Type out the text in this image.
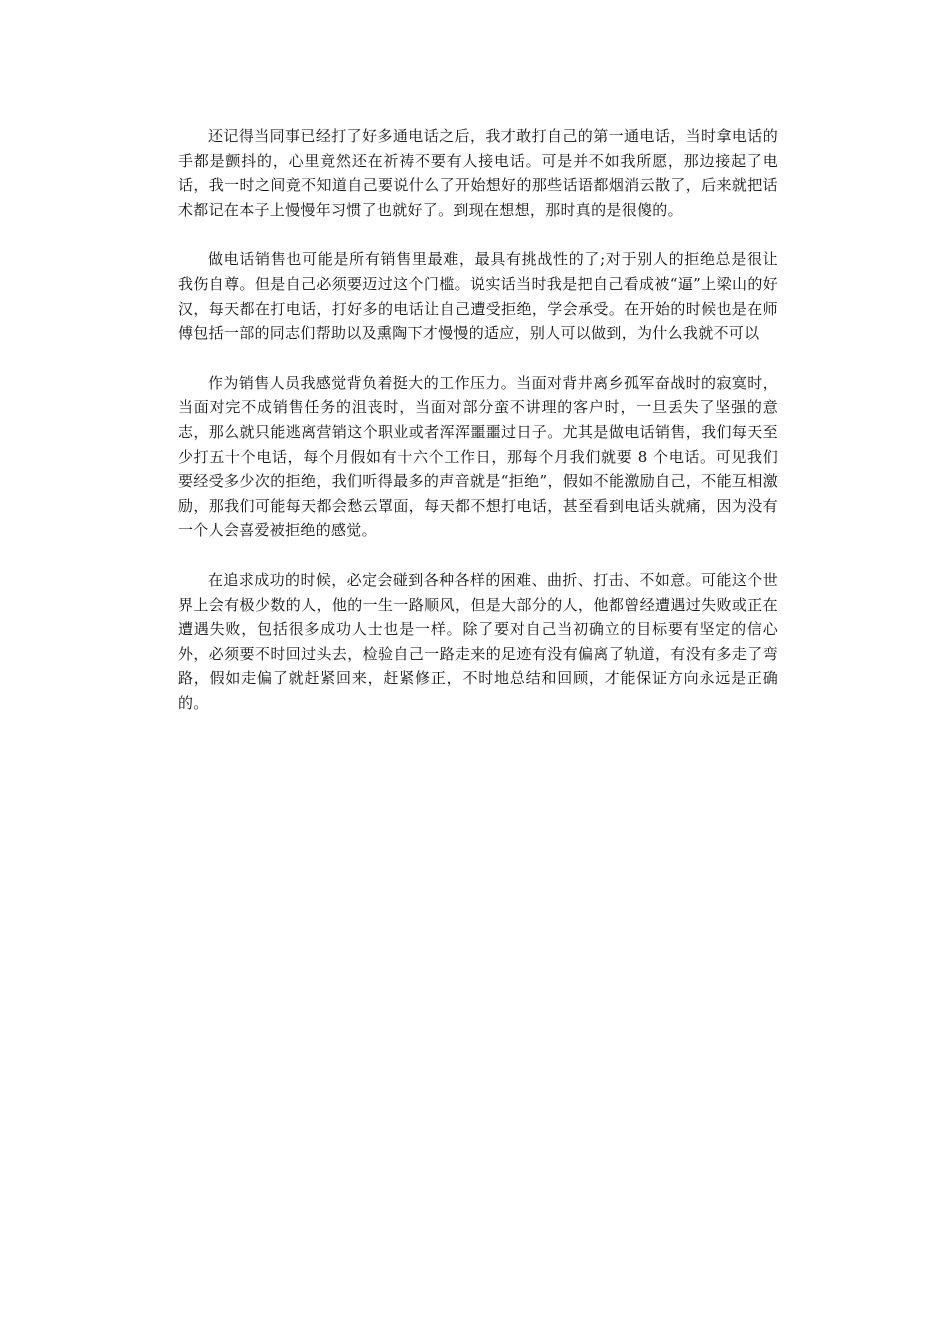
还记得当同事已经打了好多通电话之后，我才敢打自己的第一通电话，当时拿电话的手都是颤抖的，心里竟然还在祈祷不要有人接电话。可是并不如我所愿，那边接起了电话，我一时之间竟不知道自己要说什么了开始想好的那些话语都烟消云散了，后来就把话术都记在本子上慢慢年习惯了也就好了。到现在想想，那时真的是很傻的。

做电话销售也可能是所有销售里最难，最具有挑战性的了;对于别人的拒绝总是很让我伤自尊。但是自己必须要迈过这个门槛。说实话当时我是把自己看成被“逼”上梁山的好汉，每天都在打电话，打好多的电话让自己遭受拒绝，学会承受。在开始的时候也是在师傅包括一部的同志们帮助以及熏陶下才慢慢的适应，别人可以做到，为什么我就不可以

作为销售人员我感觉背负着挺大的工作压力。当面对背井离乡孤军奋战时的寂寞时，当面对完不成销售任务的沮丧时，当面对部分蛮不讲理的客户时，一旦丢失了坚强的意志，那么就只能逃离营销这个职业或者浑浑噩噩过日子。尤其是做电话销售，我们每天至少打五十个电话，每个月假如有十六个工作日，那每个月我们就要 8 个电话。可见我们要经受多少次的拒绝，我们听得最多的声音就是“拒绝”，假如不能激励自己，不能互相激励，那我们可能每天都会愁云罩面，每天都不想打电话，甚至看到电话头就痛，因为没有一个人会喜爱被拒绝的感觉。

在追求成功的时候，必定会碰到各种各样的困难、曲折、打击、不如意。可能这个世界上会有极少数的人，他的一生一路顺风，但是大部分的人，他都曾经遭遇过失败或正在遭遇失败，包括很多成功人士也是一样。除了要对自己当初确立的目标要有坚定的信心外，必须要不时回过头去，检验自己一路走来的足迹有没有偏离了轨道，有没有多走了弯路，假如走偏了就赶紧回来，赶紧修正，不时地总结和回顾，才能保证方向永远是正确的。
